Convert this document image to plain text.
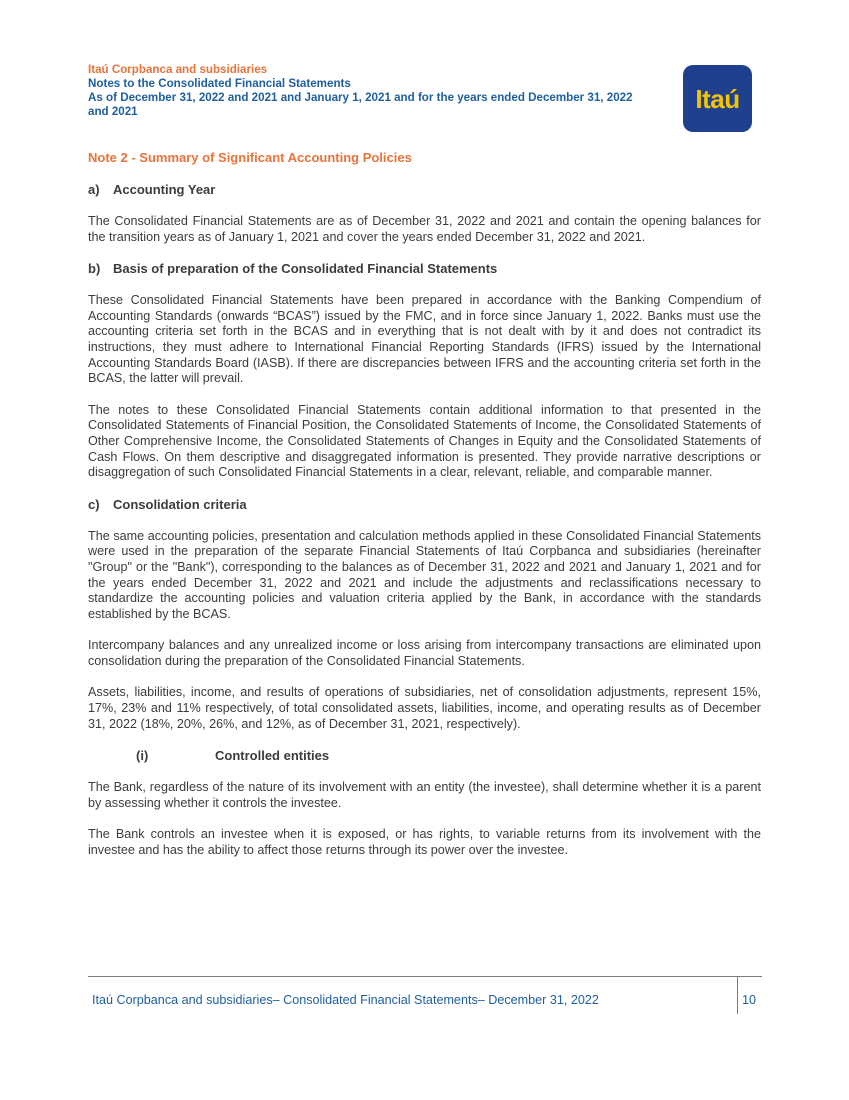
Itaú Corpbanca and subsidiaries
Notes to the Consolidated Financial Statements
As of December 31, 2022 and 2021 and January 1, 2021 and for the years ended December 31, 2022
and 2021	Itaú
Note 2 - Summary of Significant Accounting Policies
a) Accounting Year

The Consolidated Financial Statements are as of December 31, 2022 and 2021 and contain the opening balances for the transition years as of January 1, 2021 and cover the years ended December 31, 2022 and 2021.

b) Basis of preparation of the Consolidated Financial Statements

These Consolidated Financial Statements have been prepared in accordance with the Banking Compendium of Accounting Standards (onwards “BCAS”) issued by the FMC, and in force since January 1, 2022. Banks must use the accounting criteria set forth in the BCAS and in everything that is not dealt with by it and does not contradict its instructions, they must adhere to International Financial Reporting Standards (IFRS) issued by the International Accounting Standards Board (IASB). If there are discrepancies between IFRS and the accounting criteria set forth in the BCAS, the latter will prevail.

The notes to these Consolidated Financial Statements contain additional information to that presented in the Consolidated Statements of Financial Position, the Consolidated Statements of Income, the Consolidated Statements of Other Comprehensive Income, the Consolidated Statements of Changes in Equity and the Consolidated Statements of Cash Flows. On them descriptive and disaggregated information is presented. They provide narrative descriptions or disaggregation of such Consolidated Financial Statements in a clear, relevant, reliable, and comparable manner.

c) Consolidation criteria

The same accounting policies, presentation and calculation methods applied in these Consolidated Financial Statements were used in the preparation of the separate Financial Statements of Itaú Corpbanca and subsidiaries (hereinafter "Group" or the "Bank"), corresponding to the balances as of December 31, 2022 and 2021 and January 1, 2021 and for the years ended December 31, 2022 and 2021 and include the adjustments and reclassifications necessary to standardize the accounting policies and valuation criteria applied by the Bank, in accordance with the standards established by the BCAS.

Intercompany balances and any unrealized income or loss arising from intercompany transactions are eliminated upon consolidation during the preparation of the Consolidated Financial Statements.

Assets, liabilities, income, and results of operations of subsidiaries, net of consolidation adjustments, represent 15%, 17%, 23% and 11% respectively, of total consolidated assets, liabilities, income, and operating results as of December 31, 2022 (18%, 20%, 26%, and 12%, as of December 31, 2021, respectively).

(i)	Controlled entities

The Bank, regardless of the nature of its involvement with an entity (the investee), shall determine whether it is a parent by assessing whether it controls the investee.

The Bank controls an investee when it is exposed, or has rights, to variable returns from its involvement with the investee and has the ability to affect those returns through its power over the investee.

Itaú Corpbanca and subsidiaries– Consolidated Financial Statements– December 31, 2022	10
